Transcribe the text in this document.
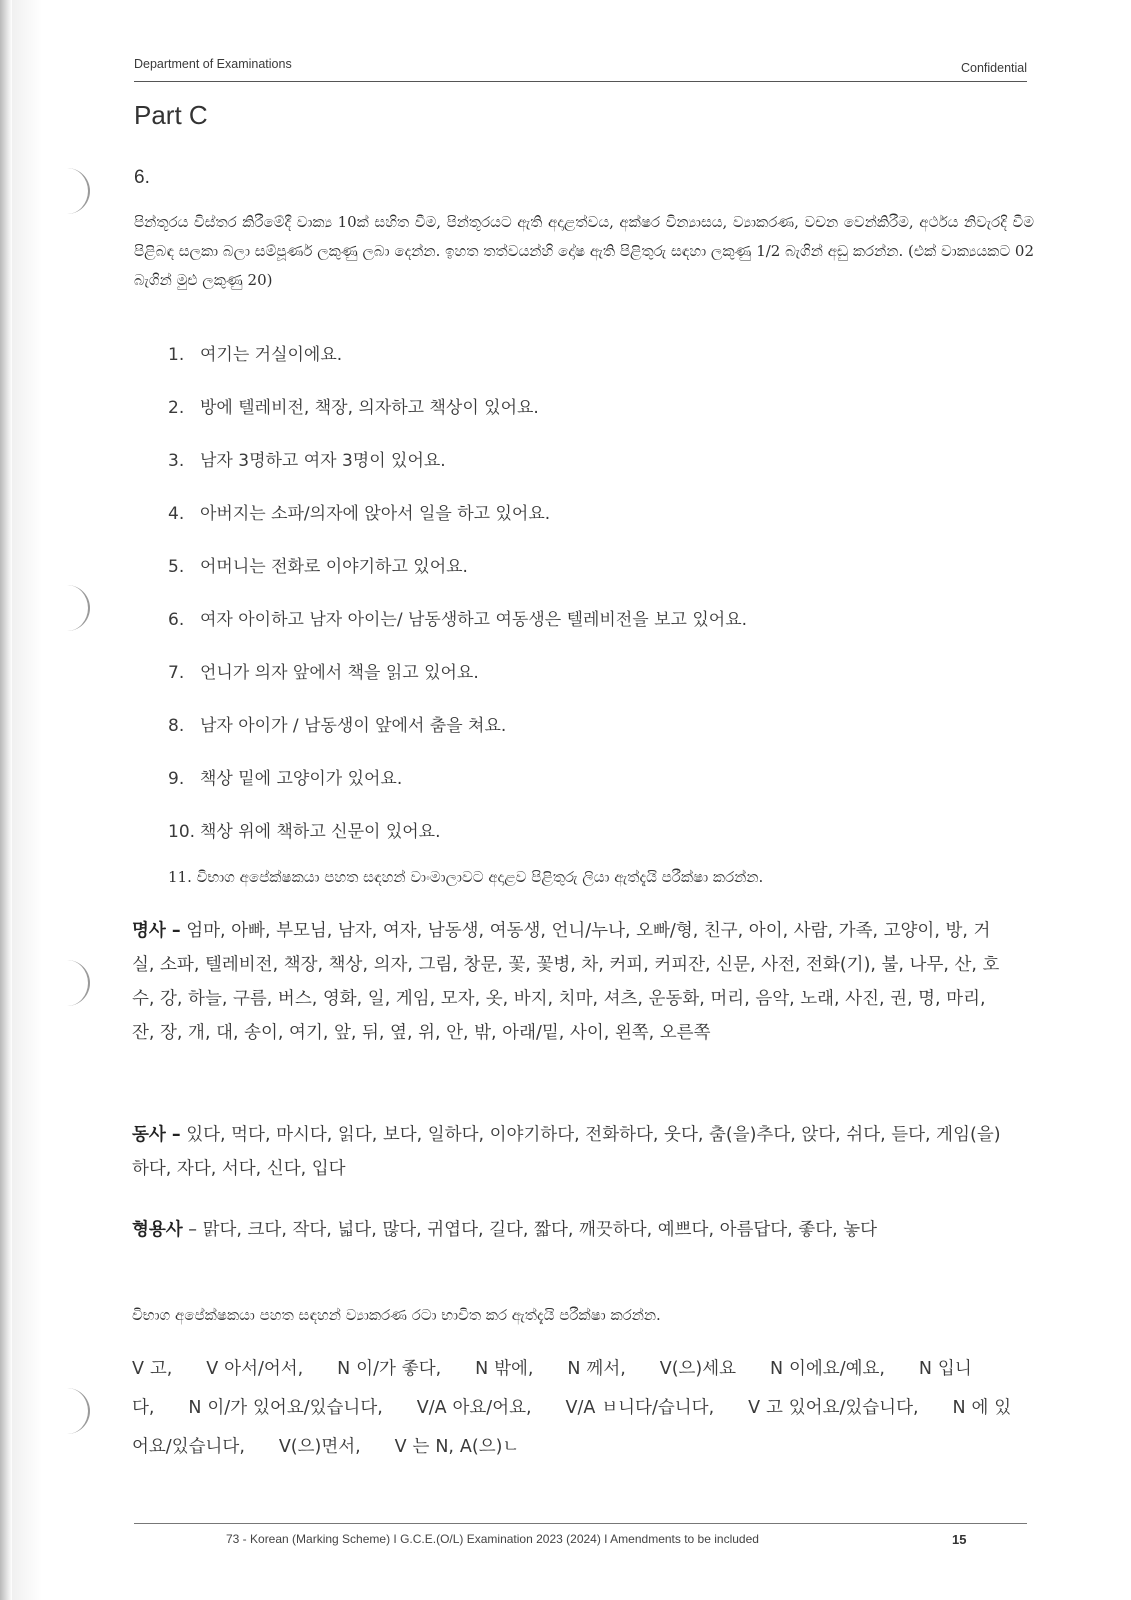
Department of Examinations	Confidential
Part C
6.
පින්තූරය විස්තර කිරීමේදී වාක්‍ය 10ක් සහිත වීම, පින්තූරයට ඇති අදාළත්වය, අක්ෂර වින්‍යාසය, ව්‍යාකරණ, වචන වෙන්කිරීම, අර්ථය නිවැරදි වීම පිළිබඳ සලකා බලා සම්පූර්ණ ලකුණු ලබා දෙන්න. ඉහත තත්වයන්හි දෝෂ ඇති පිළිතුරු සඳහා ලකුණු 1/2 බැගින් අඩු කරන්න. (එක් වාක්‍යයකට 02 බැගින් මුළු ලකුණු 20)
1. 여기는 거실이에요.
2. 방에 텔레비전, 책장, 의자하고 책상이 있어요.
3. 남자 3명하고 여자 3명이 있어요.
4. 아버지는 소파/의자에 앉아서 일을 하고 있어요.
5. 어머니는 전화로 이야기하고 있어요.
6. 여자 아이하고 남자 아이는/ 남동생하고 여동생은 텔레비전을 보고 있어요.
7. 언니가 의자 앞에서 책을 읽고 있어요.
8. 남자 아이가 / 남동생이 앞에서 춤을 쳐요.
9. 책상 밑에 고양이가 있어요.
10. 책상 위에 책하고 신문이 있어요.
11. විභාග අපේක්ෂකයා පහත සඳහන් වාංමාලාවට අදාළව පිළිතුරු ලියා ඇත්දැයි පරීක්ෂා කරන්න.
명사 – 엄마, 아빠, 부모님, 남자, 여자, 남동생, 여동생, 언니/누나, 오빠/형, 친구, 아이, 사람, 가족, 고양이, 방, 거실, 소파, 텔레비전, 책장, 책상, 의자, 그림, 창문, 꽃, 꽃병, 차, 커피, 커피잔, 신문, 사전, 전화(기), 불, 나무, 산, 호수, 강, 하늘, 구름, 버스, 영화, 일, 게임, 모자, 옷, 바지, 치마, 셔츠, 운동화, 머리, 음악, 노래, 사진, 권, 명, 마리, 잔, 장, 개, 대, 송이, 여기, 앞, 뒤, 옆, 위, 안, 밖, 아래/밑, 사이, 왼쪽, 오른쪽
동사 – 있다, 먹다, 마시다, 읽다, 보다, 일하다, 이야기하다, 전화하다, 웃다, 춤(을)추다, 앉다, 쉬다, 듣다, 게임(을) 하다, 자다, 서다, 신다, 입다
형용사 – 맑다, 크다, 작다, 넓다, 많다, 귀엽다, 길다, 짧다, 깨끗하다, 예쁘다, 아름답다, 좋다, 놓다
විභාග අපේක්ෂකයා පහත සඳහන් ව්‍යාකරණ රටා භාවිත කර ඇත්දැයි පරීක්ෂා කරන්න.
V 고, V 아서/어서, N 이/가 좋다, N 밖에, N 께서, V(으)세요 N 이에요/예요, N 입니다, N 이/가 있어요/있습니다, V/A 아요/어요, V/A ㅂ니다/습니다, V 고 있어요/있습니다, N 에 있어요/있습니다, V(으)면서, V 는 N, A(으)ㄴ
73 - Korean (Marking Scheme) I G.C.E.(O/L) Examination 2023 (2024) I Amendments to be included	15
